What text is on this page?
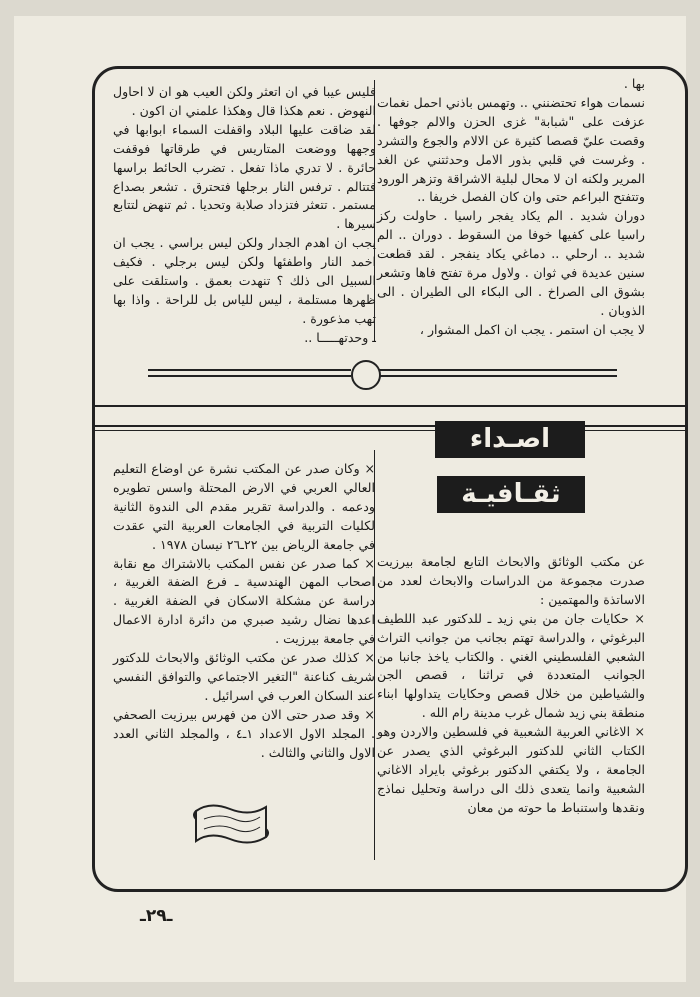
بها .

نسمات هواء تحتضنني .. وتهمس باذني احمل نغمات عزفت على "شبابة" غزى الحزن والالم جوفها . وقصت عليّ قصصا كثيرة عن الالام والجوع والتشرد . وغرست في قلبي بذور الامل وحدثتني عن الغد المرير ولكنه ان لا محال لبلية الاشراقة وتزهر الورود وتتفتح البراعم حتى وان كان الفصل خريفا ..

دوران شديد . الم يكاد يفجر راسيا . حاولت ركز راسيا على كفيها خوفا من السقوط . دوران .. الم شديد .. ارحلي .. دماغي يكاد ينفجر . لقد قطعت سنين عديدة في ثوان . ولاول مرة تفتح فاها وتشعر بشوق الى الصراخ . الى البكاء الى الطيران . الى الذوبان .

لا يجب ان استمر . يجب ان اكمل المشوار ،

فليس عيبا في ان اتعثر ولكن العيب هو ان لا احاول النهوض . نعم هكذا قال وهكذا علمني ان اكون .

لقد ضاقت عليها البلاد واقفلت السماء ابوابها في وجهها ووضعت المتاريس في طرقاتها فوقفت حائرة . لا تدري ماذا تفعل . تضرب الحائط براسها فتتالم . ترفس النار برجلها فتحترق . تشعر بصداع مستمر . تتعثر فتزداد صلابة وتحديا . ثم تنهض لتتابع سيرها .

يجب ان اهدم الجدار ولكن ليس براسي . يجب ان اخمد النار واطفئها ولكن ليس برجلي . فكيف السبيل الى ذلك ؟ تنهدت بعمق . واستلقت على ظهرها مستلمة ، ليس للياس بل للراحة . واذا بها تهب مذعورة .

ـ وحدتهـــــا ..

اصـداء
ثقـافيـة

عن مكتب الوثائق والابحاث التابع لجامعة بيرزيت صدرت مجموعة من الدراسات والابحاث لعدد من الاساتذة والمهتمين :

× حكايات جان من بني زيد ـ للدكتور عبد اللطيف البرغوثي ، والدراسة تهتم بجانب من جوانب التراث الشعبي الفلسطيني الغني . والكتاب ياخذ جانبا من الجوانب المتعددة في تراثنا ، قصص الجن والشياطين من خلال قصص وحكايات يتداولها ابناء منطقة بني زيد شمال غرب مدينة رام الله .

× الاغاني العربية الشعبية في فلسطين والاردن وهو الكتاب الثاني للدكتور البرغوثي الذي يصدر عن الجامعة ، ولا يكتفي الدكتور برغوثي بايراد الاغاني الشعبية وانما يتعدى ذلك الى دراسة وتحليل نماذج ونقدها واستنباط ما حوته من معان

× وكان صدر عن المكتب نشرة عن اوضاع التعليم العالي العربي في الارض المحتلة واسس تطويره ودعمه . والدراسة تقرير مقدم الى الندوة الثانية لكليات التربية في الجامعات العربية التي عقدت في جامعة الرياض بين ٢٢ـ٢٦ نيسان ١٩٧٨ .

× كما صدر عن نفس المكتب بالاشتراك مع نقابة اصحاب المهن الهندسية ـ فرع الضفة الغربية ، دراسة عن مشكلة الاسكان في الضفة الغربية . اعدها نضال رشيد صبري من دائرة ادارة الاعمال في جامعة بيرزيت .

× كذلك صدر عن مكتب الوثائق والابحاث للدكتور شريف كناعنة "التغير الاجتماعي والتوافق النفسي عند السكان العرب في اسرائيل .

× وقد صدر حتى الان من فهرس بيرزيت الصحفي . المجلد الاول الاعداد ١ـ٤ ، والمجلد الثاني العدد الاول والثاني والثالث .

ـ٢٩ـ
